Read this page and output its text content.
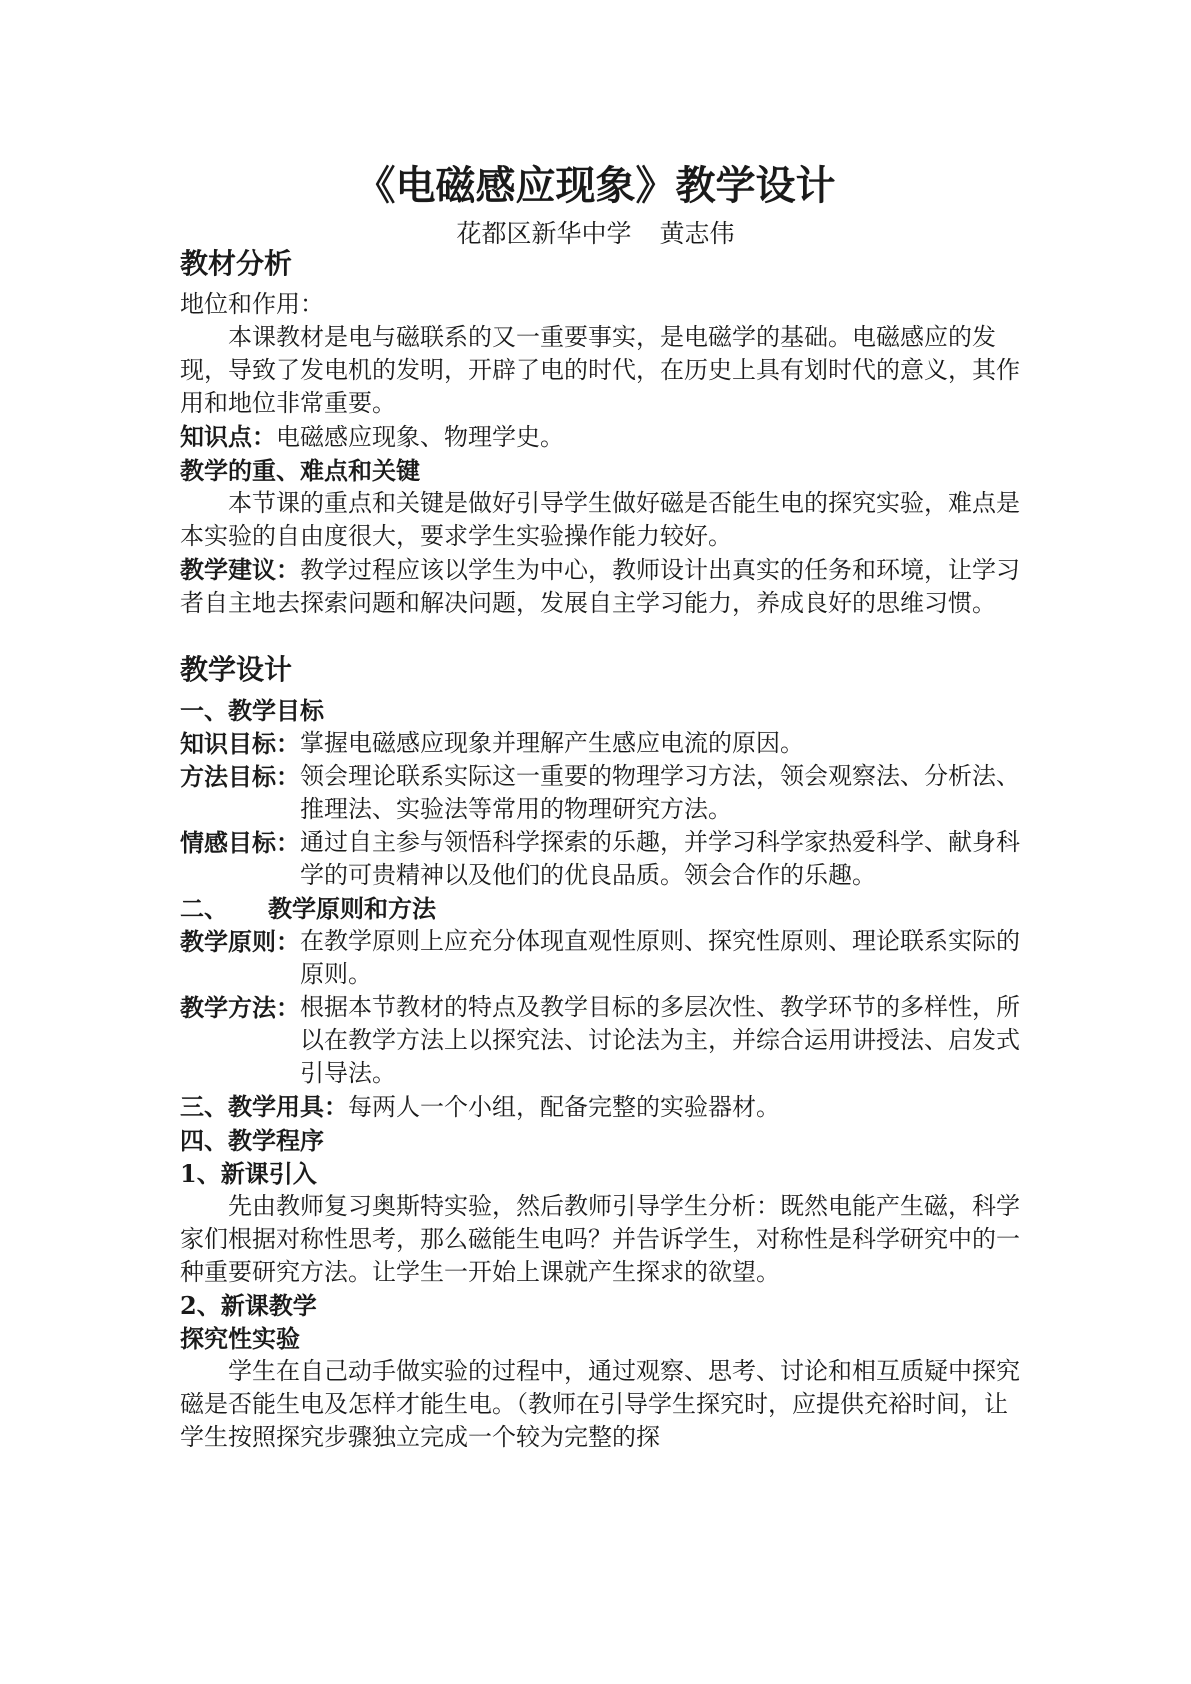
《电磁感应现象》教学设计
花都区新华中学 黄志伟
教材分析
地位和作用：
本课教材是电与磁联系的又一重要事实，是电磁学的基础。电磁感应的发现，导致了发电机的发明，开辟了电的时代，在历史上具有划时代的意义，其作用和地位非常重要。
知识点：电磁感应现象、物理学史。
教学的重、难点和关键
本节课的重点和关键是做好引导学生做好磁是否能生电的探究实验，难点是本实验的自由度很大，要求学生实验操作能力较好。
教学建议：教学过程应该以学生为中心，教师设计出真实的任务和环境，让学习者自主地去探索问题和解决问题，发展自主学习能力，养成良好的思维习惯。
教学设计
一、教学目标
知识目标： 掌握电磁感应现象并理解产生感应电流的原因。
方法目标： 领会理论联系实际这一重要的物理学习方法，领会观察法、分析法、推理法、实验法等常用的物理研究方法。
情感目标： 通过自主参与领悟科学探索的乐趣，并学习科学家热爱科学、献身科学的可贵精神以及他们的优良品质。领会合作的乐趣。
二、 教学原则和方法
教学原则： 在教学原则上应充分体现直观性原则、探究性原则、理论联系实际的原则。
教学方法： 根据本节教材的特点及教学目标的多层次性、教学环节的多样性，所以在教学方法上以探究法、讨论法为主，并综合运用讲授法、启发式引导法。
三、教学用具：每两人一个小组，配备完整的实验器材。
四、教学程序
1、新课引入
先由教师复习奥斯特实验，然后教师引导学生分析：既然电能产生磁，科学家们根据对称性思考，那么磁能生电吗？并告诉学生，对称性是科学研究中的一种重要研究方法。让学生一开始上课就产生探求的欲望。
2、新课教学
探究性实验
学生在自己动手做实验的过程中，通过观察、思考、讨论和相互质疑中探究磁是否能生电及怎样才能生电。（教师在引导学生探究时，应提供充裕时间，让学生按照探究步骤独立完成一个较为完整的探
